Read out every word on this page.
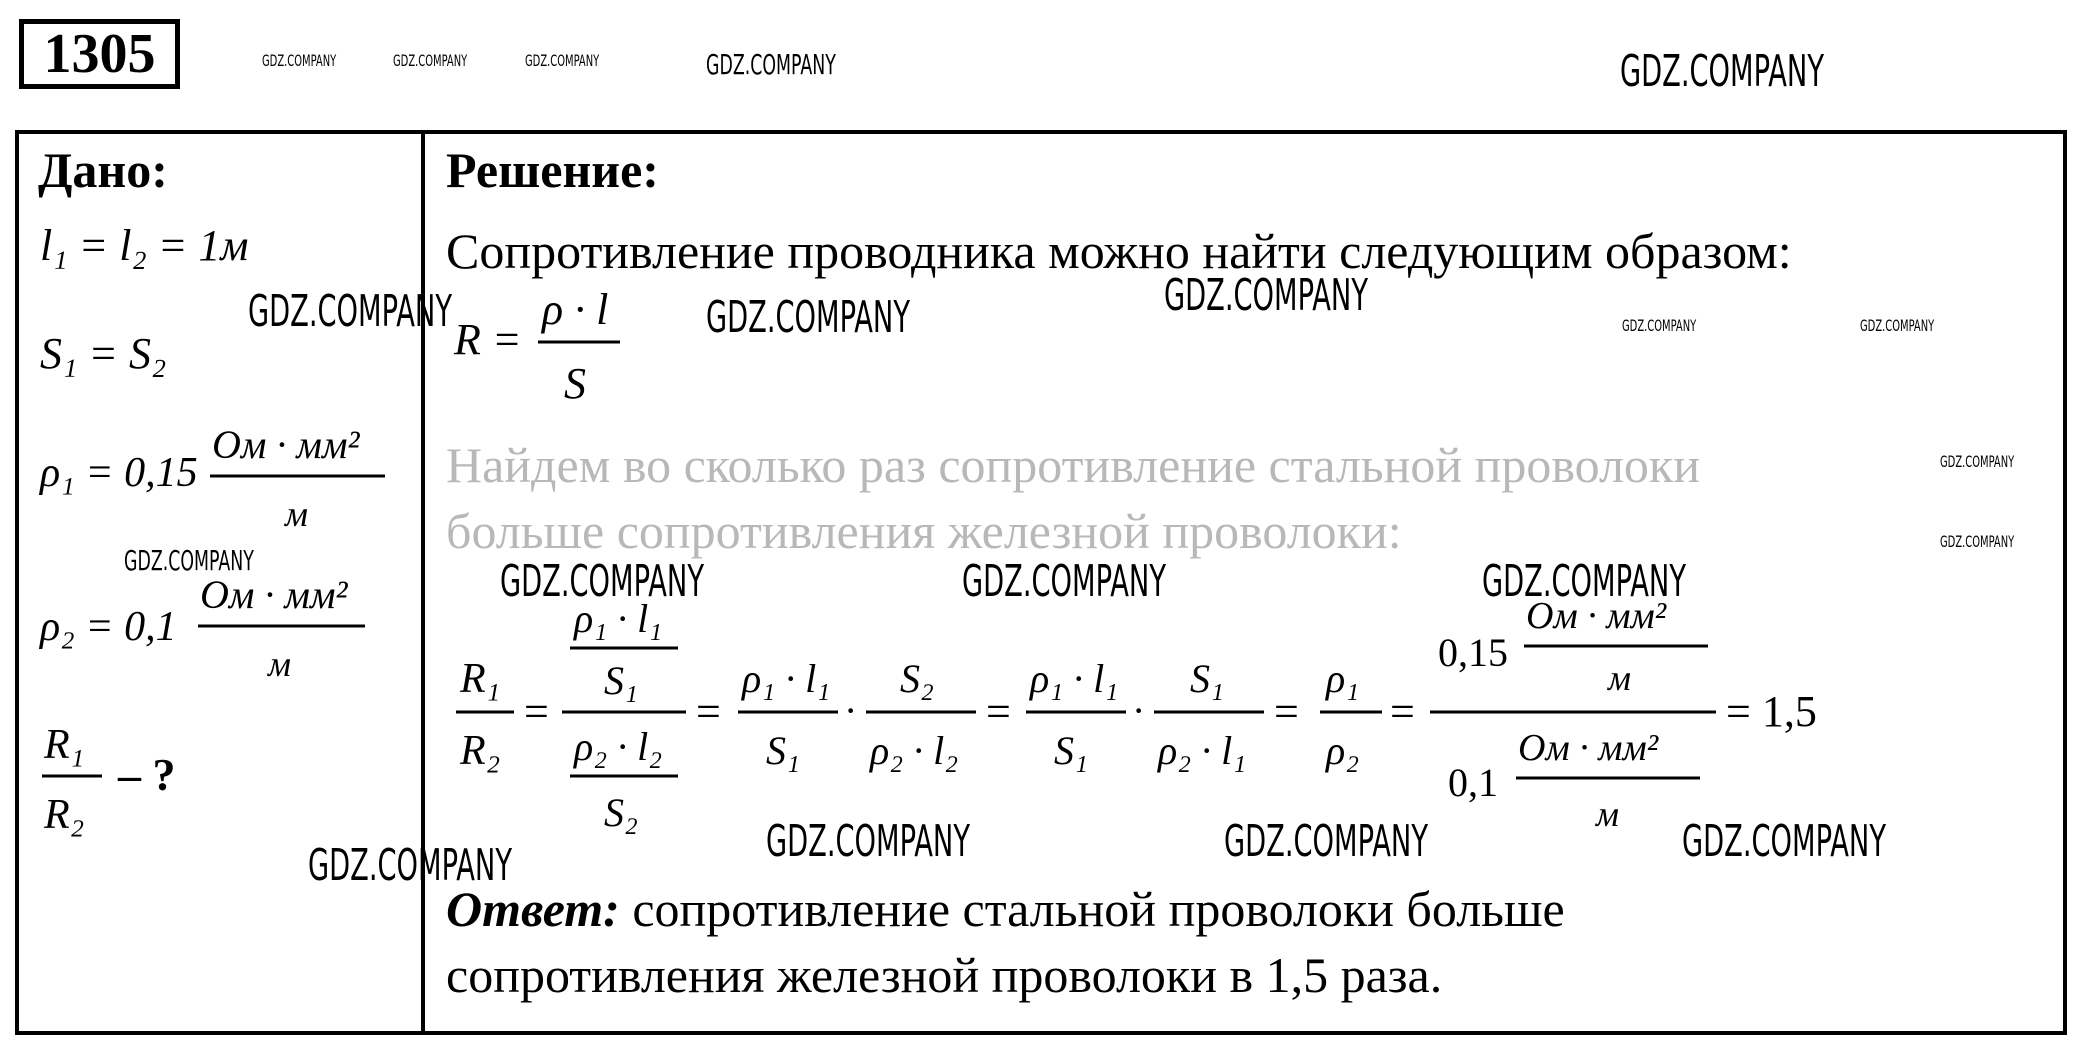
1305
Дано:
l₁ = l₂ = 1м
S₁ = S₂
ρ₁ = 0,15
Ом · мм²
м
ρ₂ = 0,1
Ом · мм²
м
R₁
R₂
– ?
Решение:
Сопротивление проводника можно найти следующим образом:
R =
ρ · l
S
Найдем во сколько раз сопротивление стальной проволоки
больше сопротивления железной проволоки:
R₁
R₂
=
ρ₁ · l₁
S₁
ρ₂ · l₂
S₂
=
ρ₁ · l₁
S₁
·
S₂
ρ₂ · l₂
=
ρ₁ · l₁
S₁
·
S₁
ρ₂ · l₁
=
ρ₁
ρ₂
=
0,15
Ом · мм²
м
0,1
Ом · мм²
м
= 1,5
Ответ: сопротивление стальной проволоки больше
сопротивления железной проволоки в 1,5 раза.
GDZ.COMPANY	GDZ.COMPANY	GDZ.COMPANY	GDZ.COMPANY	GDZ.COMPANY
GDZ.COMPANY	GDZ.COMPANY	GDZ.COMPANY
GDZ.COMPANY	GDZ.COMPANY
GDZ.COMPANY
GDZ.COMPANY
GDZ.COMPANY	GDZ.COMPANY	GDZ.COMPANY	GDZ.COMPANY
GDZ.COMPANY	GDZ.COMPANY	GDZ.COMPANY	GDZ.COMPANY
